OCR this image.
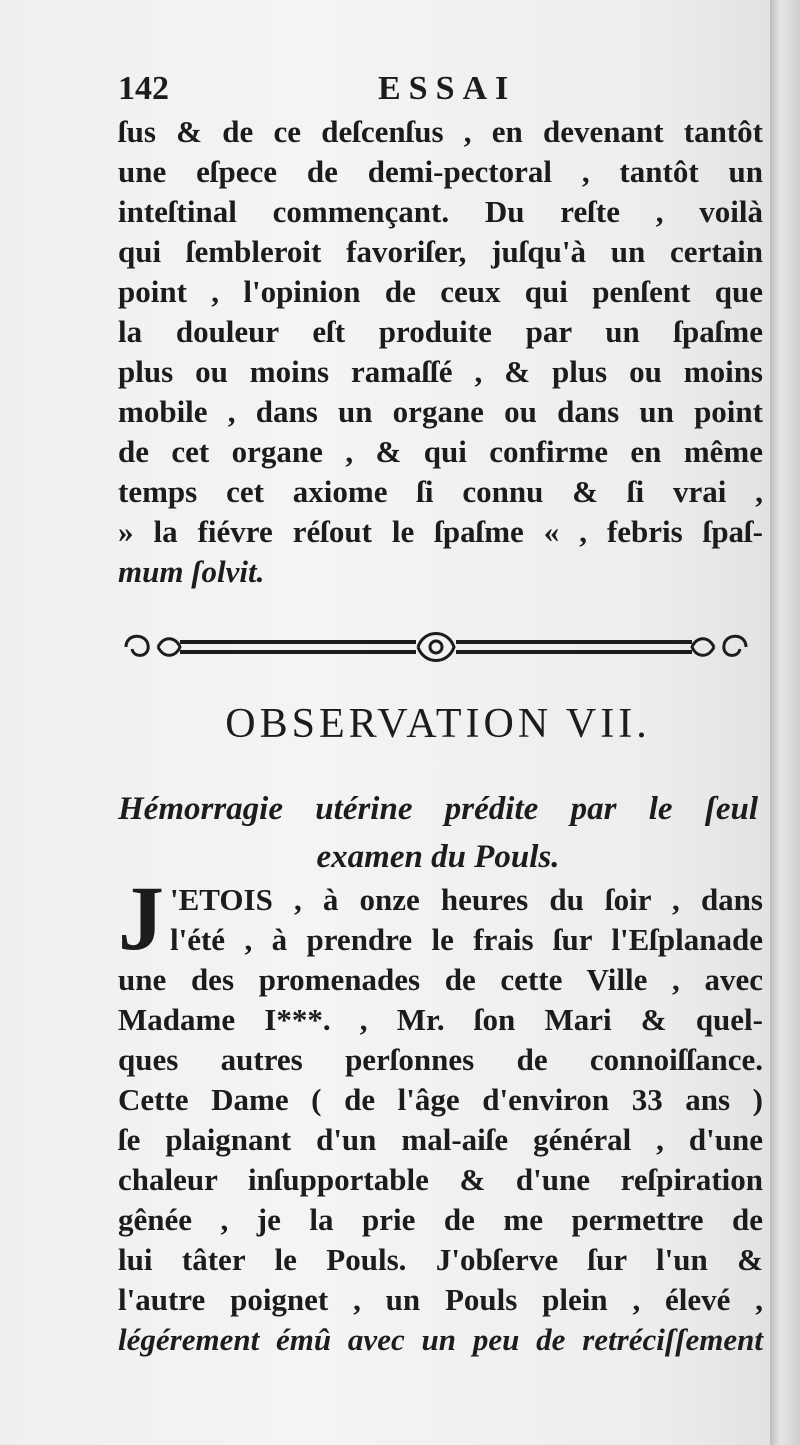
142	ESSAI
ſus & de ce deſcenſus , en devenant tantôt
une eſpece de demi-pectoral , tantôt un
inteſtinal commençant. Du reſte , voilà
qui ſembleroit favoriſer, juſqu'à un certain
point , l'opinion de ceux qui penſent que
la douleur eſt produite par un ſpaſme
plus ou moins ramaſſé , & plus ou moins
mobile , dans un organe ou dans un point
de cet organe , & qui confirme en même
temps cet axiome ſi connu & ſi vrai ,
» la fiévre réſout le ſpaſme « , febris ſpaſ-
mum ſolvit.
OBSERVATION VII.
Hémorragie utérine prédite par le ſeul
examen du Pouls.
J 'ETOIS , à onze heures du ſoir , dans
l'été , à prendre le frais ſur l'Eſplanade
une des promenades de cette Ville , avec
Madame I***. , Mr. ſon Mari & quel-
ques autres perſonnes de connoiſſance.
Cette Dame ( de l'âge d'environ 33 ans )
ſe plaignant d'un mal-aiſe général , d'une
chaleur inſupportable & d'une reſpiration
gênée , je la prie de me permettre de
lui tâter le Pouls. J'obſerve ſur l'un &
l'autre poignet , un Pouls plein , élevé ,
légérement émû avec un peu de retréciſſement
